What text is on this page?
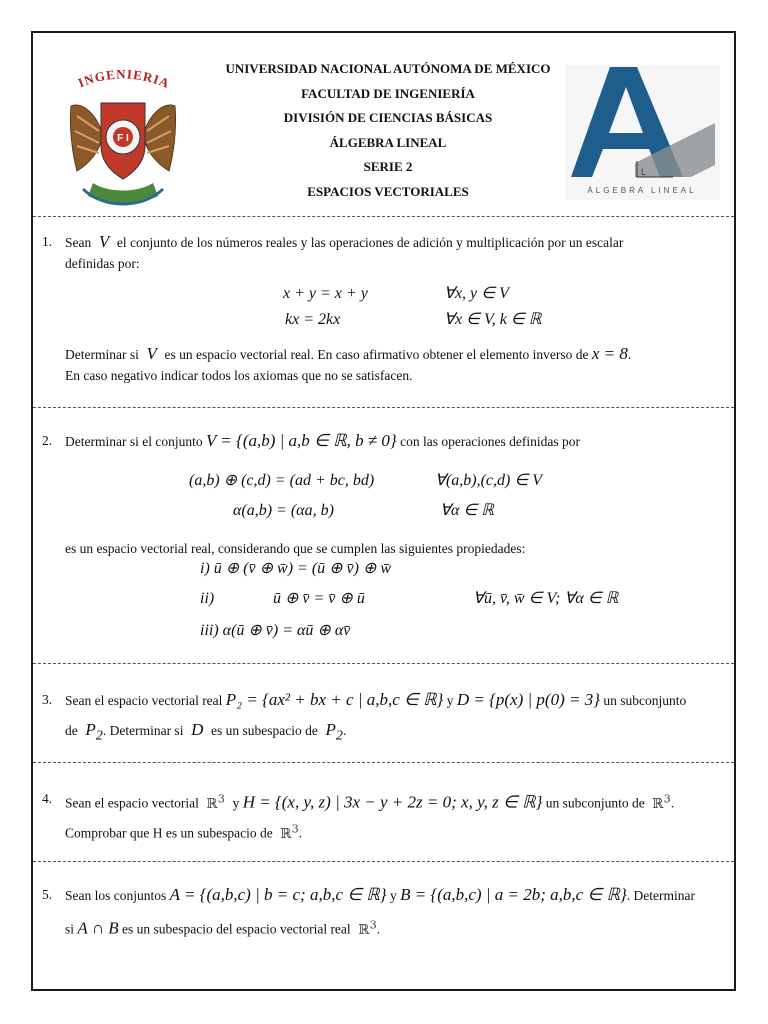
INGENIERIA
F I
UNIVERSIDAD NACIONAL AUTÓNOMA DE MÉXICO
FACULTAD DE INGENIERÍA
DIVISIÓN DE CIENCIAS BÁSICAS
ÁLGEBRA LINEAL
SERIE 2
ESPACIOS VECTORIALES
L
ÁLGEBRA LINEAL
1. Sean  V  el conjunto de los números reales y las operaciones de adición y multiplicación por un escalar
definidas por:
x + y = x + y	∀x, y ∈ V
kx = 2kx	∀x ∈ V, k ∈ ℝ
Determinar si  V  es un espacio vectorial real. En caso afirmativo obtener el elemento inverso de x = 8.
En caso negativo indicar todos los axiomas que no se satisfacen.
2. Determinar si el conjunto V = {(a,b) | a,b ∈ ℝ, b ≠ 0} con las operaciones definidas por
(a,b) ⊕ (c,d) = (ad + bc, bd)	∀(a,b),(c,d) ∈ V
α(a,b) = (αa, b)	∀α ∈ ℝ
es un espacio vectorial real, considerando que se cumplen las siguientes propiedades:
i) ū ⊕ (v̄ ⊕ w̄) = (ū ⊕ v̄) ⊕ w̄
ii)	ū ⊕ v̄ = v̄ ⊕ ū	∀ū, v̄, w̄ ∈ V; ∀α ∈ ℝ
iii) α(ū ⊕ v̄) = αū ⊕ αv̄
3. Sean el espacio vectorial real P₂ = {ax² + bx + c | a,b,c ∈ ℝ} y D = {p(x) | p(0) = 3} un subconjunto
de  $P_2$. Determinar si  D  es un subespacio de  $P_2$.
4. Sean el espacio vectorial  ℝ$^3$ y H = {(x, y, z) | 3x − y + 2z = 0; x, y, z ∈ ℝ} un subconjunto de  ℝ$^3$.
Comprobar que H es un subespacio de  ℝ$^3$.
5. Sean los conjuntos A = {(a,b,c) | b = c; a,b,c ∈ ℝ} y B = {(a,b,c) | a = 2b; a,b,c ∈ ℝ}. Determinar
si A ∩ B es un subespacio del espacio vectorial real  ℝ$^3$.
